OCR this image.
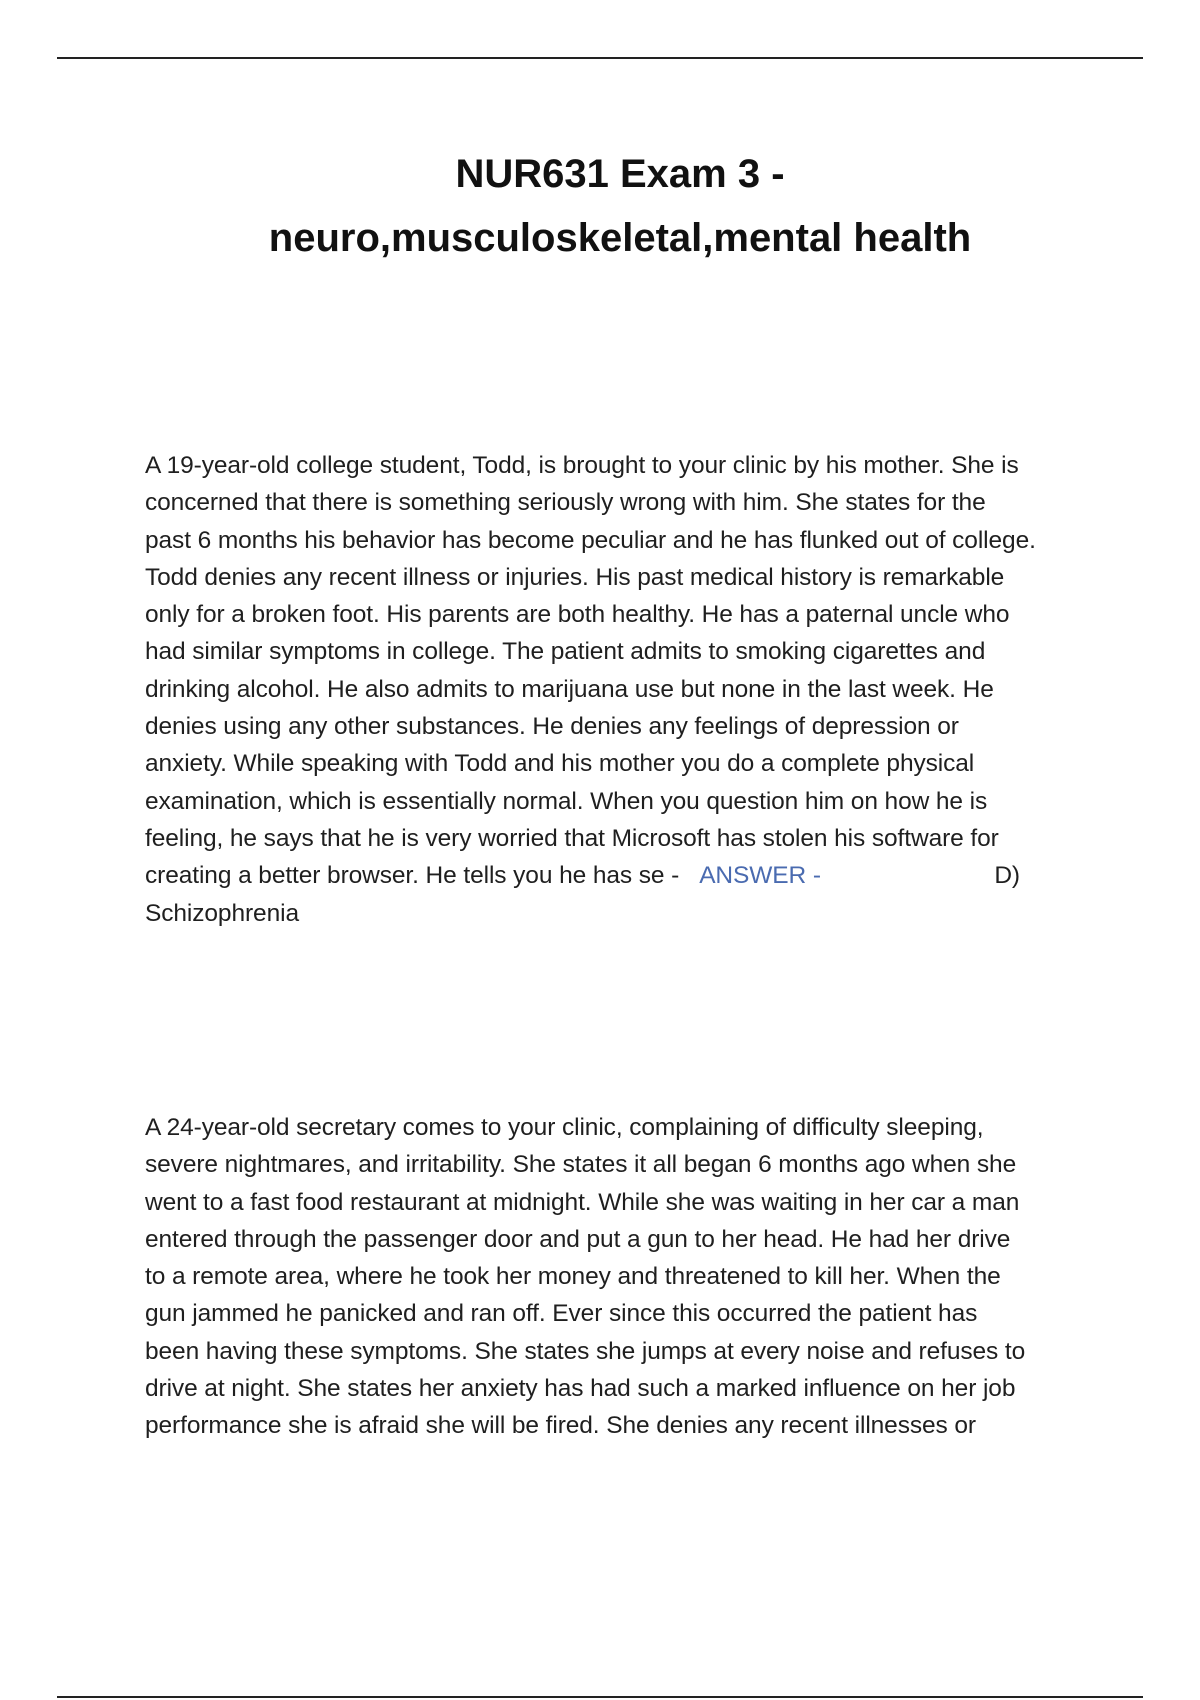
NUR631 Exam 3 -
neuro,musculoskeletal,mental health
A 19-year-old college student, Todd, is brought to your clinic by his mother. She is
concerned that there is something seriously wrong with him. She states for the
past 6 months his behavior has become peculiar and he has flunked out of college.
Todd denies any recent illness or injuries. His past medical history is remarkable
only for a broken foot. His parents are both healthy. He has a paternal uncle who
had similar symptoms in college. The patient admits to smoking cigarettes and
drinking alcohol. He also admits to marijuana use but none in the last week. He
denies using any other substances. He denies any feelings of depression or
anxiety. While speaking with Todd and his mother you do a complete physical
examination, which is essentially normal. When you question him on how he is
feeling, he says that he is very worried that Microsoft has stolen his software for
creating a better browser. He tells you he has se - ANSWER -	D)
Schizophrenia
A 24-year-old secretary comes to your clinic, complaining of difficulty sleeping,
severe nightmares, and irritability. She states it all began 6 months ago when she
went to a fast food restaurant at midnight. While she was waiting in her car a man
entered through the passenger door and put a gun to her head. He had her drive
to a remote area, where he took her money and threatened to kill her. When the
gun jammed he panicked and ran off. Ever since this occurred the patient has
been having these symptoms. She states she jumps at every noise and refuses to
drive at night. She states her anxiety has had such a marked influence on her job
performance she is afraid she will be fired. She denies any recent illnesses or
